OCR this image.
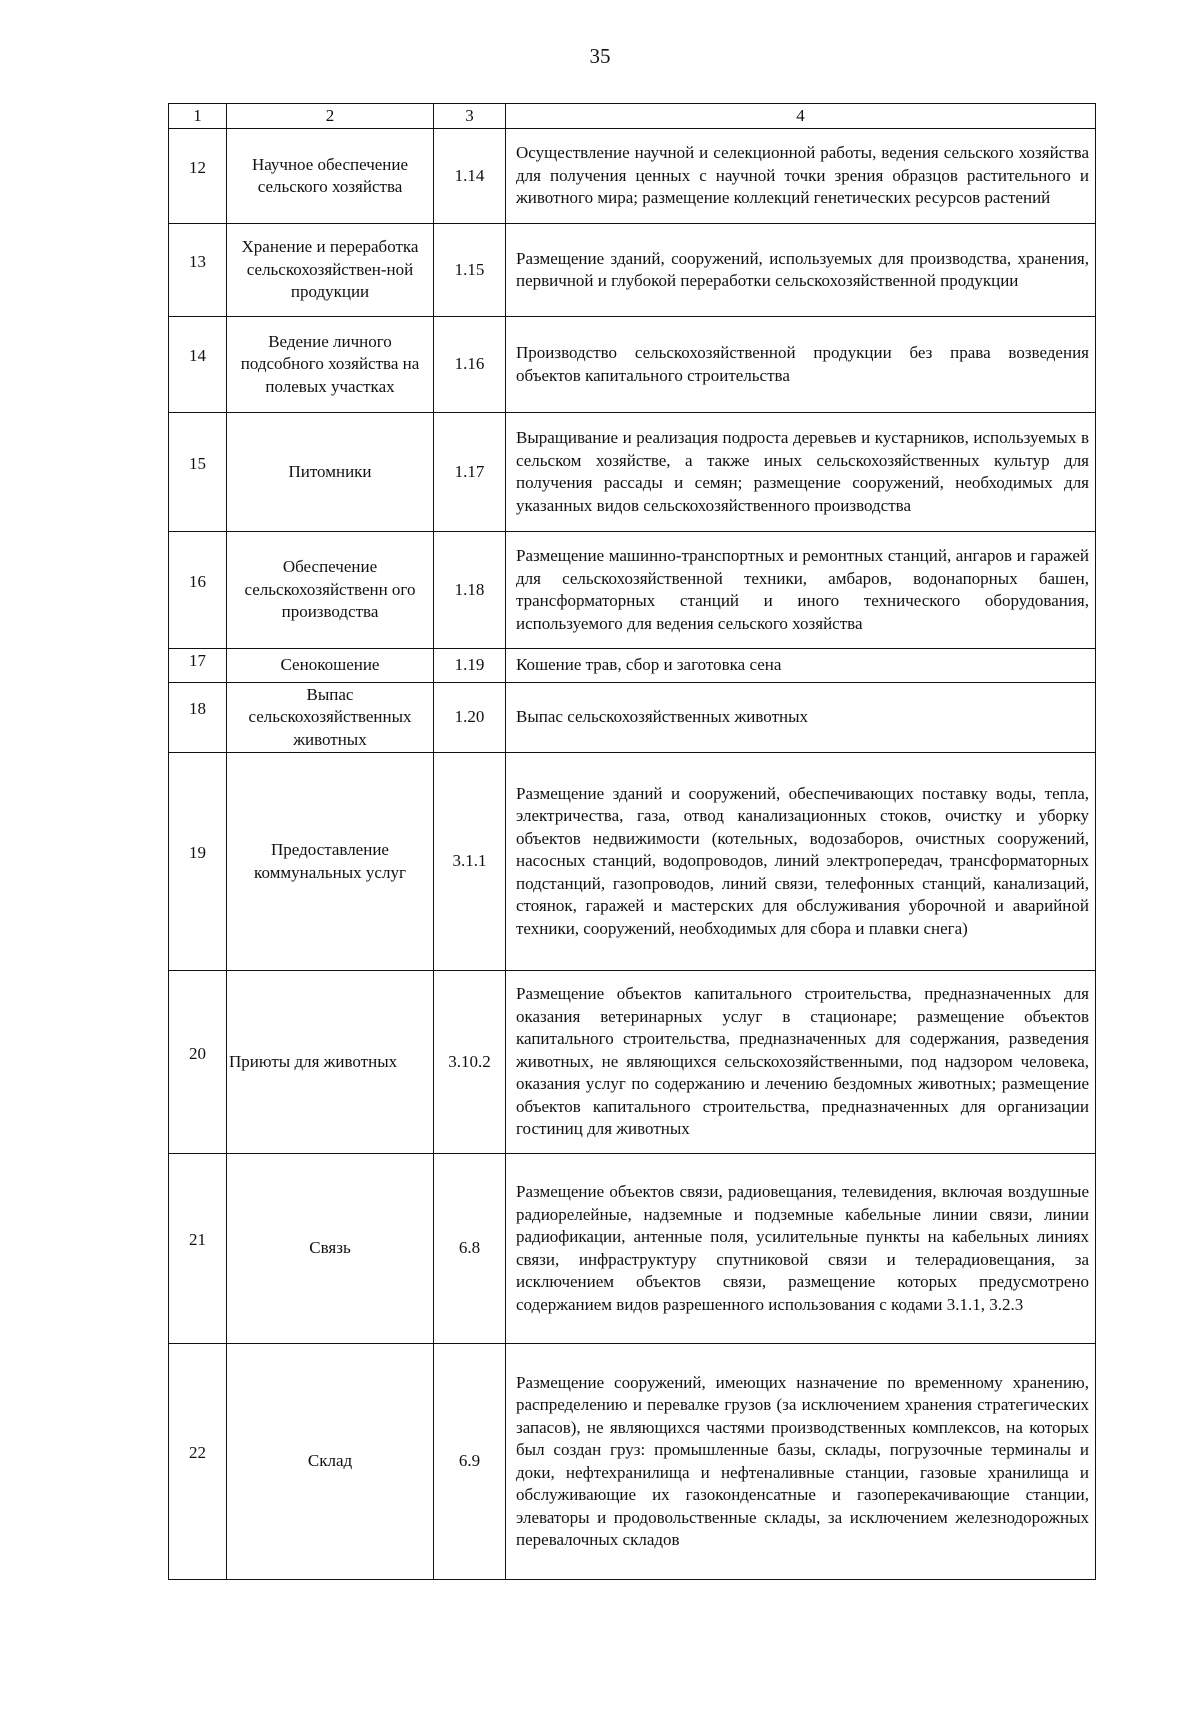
35
1	2	3	4
12	Научное обеспечение сельского хозяйства	1.14	Осуществление научной и селекционной работы, ведения сельского хозяйства для получения ценных с научной точки зрения образцов растительного и животного мира; размещение коллекций генетических ресурсов растений
13	Хранение и переработка сельскохозяйствен-ной продукции	1.15	Размещение зданий, сооружений, используемых для производства, хранения, первичной и глубокой переработки сельскохозяйственной продукции
14	Ведение личного подсобного хозяйства на полевых участках	1.16	Производство сельскохозяйственной продукции без права возведения объектов капитального строительства
15	Питомники	1.17	Выращивание и реализация подроста деревьев и кустарников, используемых в сельском хозяйстве, а также иных сельскохозяйственных культур для получения рассады и семян; размещение сооружений, необходимых для указанных видов сельскохозяйственного производства
16	Обеспечение сельскохозяйственн ого производства	1.18	Размещение машинно-транспортных и ремонтных станций, ангаров и гаражей для сельскохозяйственной техники, амбаров, водонапорных башен, трансформаторных станций и иного технического оборудования, используемого для ведения сельского хозяйства
17	Сенокошение	1.19	Кошение трав, сбор и заготовка сена
18	Выпас сельскохозяйственных животных	1.20	Выпас сельскохозяйственных животных
19	Предоставление коммунальных услуг	3.1.1	Размещение зданий и сооружений, обеспечивающих поставку воды, тепла, электричества, газа, отвод канализационных стоков, очистку и уборку объектов недвижимости (котельных, водозаборов, очистных сооружений, насосных станций, водопроводов, линий электропередач, трансформаторных подстанций, газопроводов, линий связи, телефонных станций, канализаций, стоянок, гаражей и мастерских для обслуживания уборочной и аварийной техники, сооружений, необходимых для сбора и плавки снега)
20	Приюты для животных	3.10.2	Размещение объектов капитального строительства, предназначенных для оказания ветеринарных услуг в стационаре; размещение объектов капитального строительства, предназначенных для содержания, разведения животных, не являющихся сельскохозяйственными, под надзором человека, оказания услуг по содержанию и лечению бездомных животных; размещение объектов капитального строительства, предназначенных для организации гостиниц для животных
21	Связь	6.8	Размещение объектов связи, радиовещания, телевидения, включая воздушные радиорелейные, надземные и подземные кабельные линии связи, линии радиофикации, антенные поля, усилительные пункты на кабельных линиях связи, инфраструктуру спутниковой связи и телерадиовещания, за исключением объектов связи, размещение которых предусмотрено содержанием видов разрешенного использования с кодами 3.1.1, 3.2.3
22	Склад	6.9	Размещение сооружений, имеющих назначение по временному хранению, распределению и перевалке грузов (за исключением хранения стратегических запасов), не являющихся частями производственных комплексов, на которых был создан груз: промышленные базы, склады, погрузочные терминалы и доки, нефтехранилища и нефтеналивные станции, газовые хранилища и обслуживающие их газоконденсатные и газоперекачивающие станции, элеваторы и продовольственные склады, за исключением железнодорожных перевалочных складов
